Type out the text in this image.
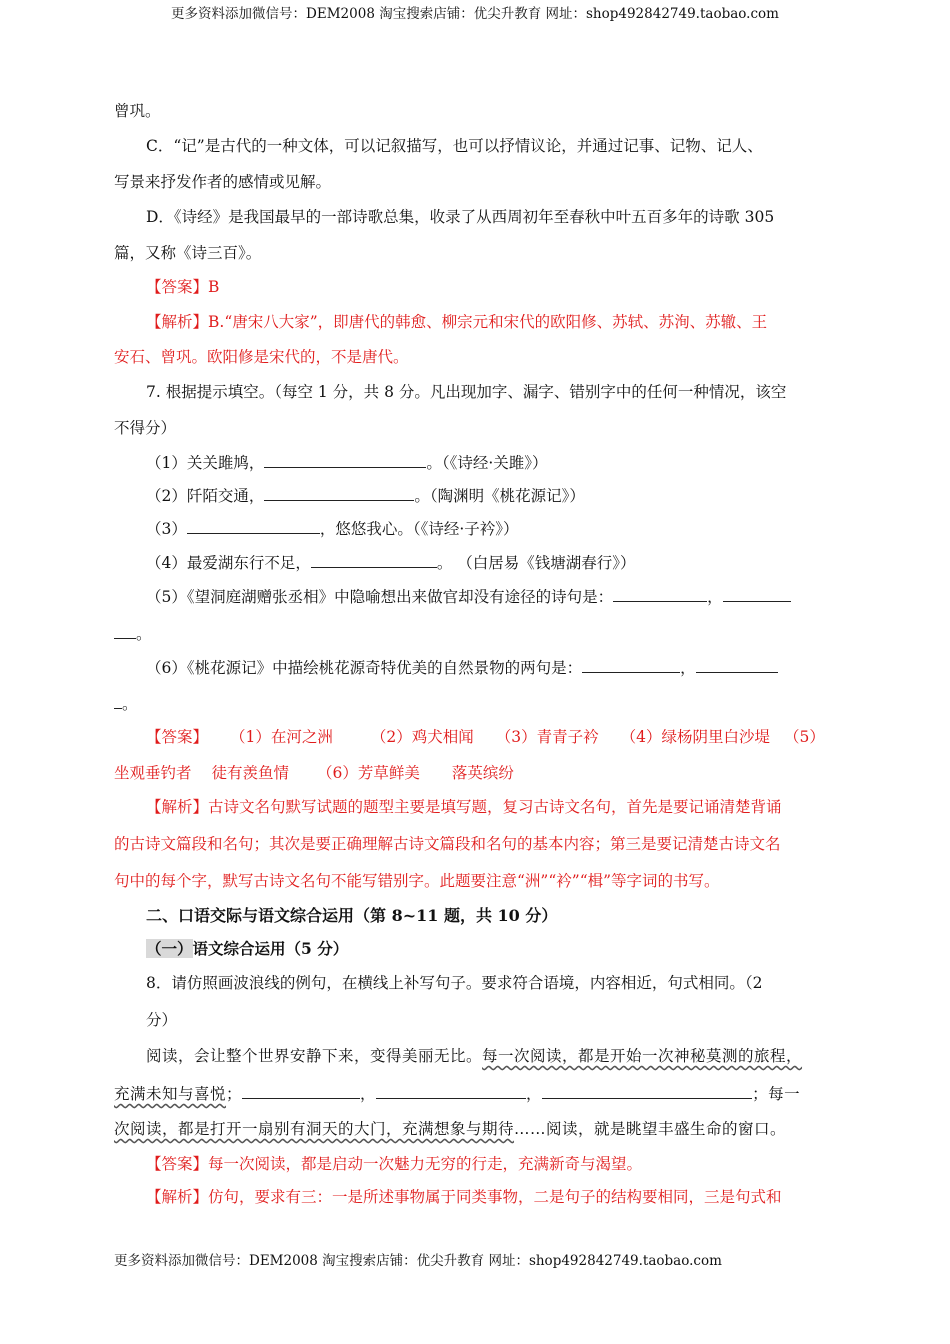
更多资料添加微信号：DEM2008 淘宝搜索店铺：优尖升教育 网址：shop492842749.taobao.com
曾巩。
C．“记”是古代的一种文体，可以记叙描写，也可以抒情议论，并通过记事、记物、记人、
写景来抒发作者的感情或见解。
D．《诗经》是我国最早的一部诗歌总集，收录了从西周初年至春秋中叶五百多年的诗歌 305
篇，又称《诗三百》。
【答案】B
【解析】B.“唐宋八大家”，即唐代的韩愈、柳宗元和宋代的欧阳修、苏轼、苏洵、苏辙、王
安石、曾巩。欧阳修是宋代的，不是唐代。
7. 根据提示填空。（每空 1 分，共 8 分。凡出现加字、漏字、错别字中的任何一种情况，该空
不得分）
（1）关关雎鸠，	。（《诗经·关雎》）
（2）阡陌交通，	。（陶渊明《桃花源记》）
（3）	，悠悠我心。（《诗经·子衿》）
（4）最爱湖东行不足，	。 （白居易《钱塘湖春行》）
（5）《望洞庭湖赠张丞相》中隐喻想出来做官却没有途径的诗句是：	，
。
（6）《桃花源记》中描绘桃花源奇特优美的自然景物的两句是：	，
。
【答案】 （1）在河之洲 （2）鸡犬相闻 （3）青青子衿 （4）绿杨阴里白沙堤 （5）
坐观垂钓者 徒有羡鱼情 （6）芳草鲜美 落英缤纷
【解析】古诗文名句默写试题的题型主要是填写题，复习古诗文名句，首先是要记诵清楚背诵
的古诗文篇段和名句；其次是要正确理解古诗文篇段和名句的基本内容；第三是要记清楚古诗文名
句中的每个字，默写古诗文名句不能写错别字。此题要注意“洲”“衿”“楫”等字词的书写。
二、口语交际与语文综合运用（第 8~11 题，共 10 分）
（一）语文综合运用（5 分）
8．请仿照画波浪线的例句，在横线上补写句子。要求符合语境，内容相近，句式相同。（2
分）
阅读，会让整个世界安静下来，变得美丽无比。每一次阅读，都是开始一次神秘莫测的旅程，
充满未知与喜悦；	，	，	；每一
次阅读，都是打开一扇别有洞天的大门，充满想象与期待……阅读，就是眺望丰盛生命的窗口。
【答案】每一次阅读，都是启动一次魅力无穷的行走，充满新奇与渴望。
【解析】仿句，要求有三：一是所述事物属于同类事物，二是句子的结构要相同，三是句式和
更多资料添加微信号：DEM2008 淘宝搜索店铺：优尖升教育 网址：shop492842749.taobao.com
